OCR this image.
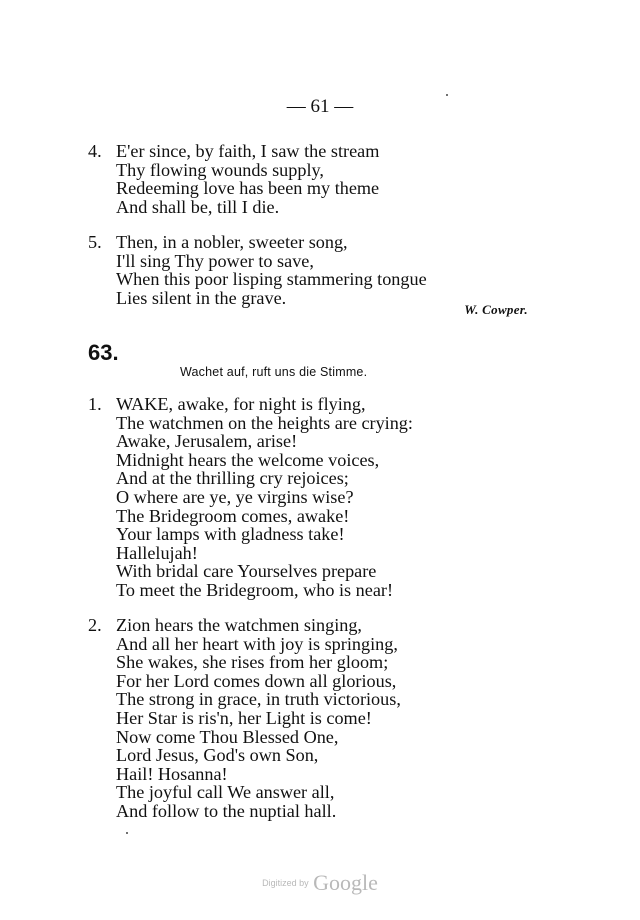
— 61 —
4. E'er since, by faith, I saw the stream
Thy flowing wounds supply,
Redeeming love has been my theme
And shall be, till I die.
5. Then, in a nobler, sweeter song,
I'll sing Thy power to save,
When this poor lisping stammering tongue
Lies silent in the grave.
W. Cowper.
63.
Wachet auf, ruft uns die Stimme.
1. WAKE, awake, for night is flying,
The watchmen on the heights are crying:
Awake, Jerusalem, arise!
Midnight hears the welcome voices,
And at the thrilling cry rejoices;
O where are ye, ye virgins wise?
The Bridegroom comes, awake!
Your lamps with gladness take!
Hallelujah!
With bridal care Yourselves prepare
To meet the Bridegroom, who is near!
2. Zion hears the watchmen singing,
And all her heart with joy is springing,
She wakes, she rises from her gloom;
For her Lord comes down all glorious,
The strong in grace, in truth victorious,
Her Star is ris'n, her Light is come!
Now come Thou Blessed One,
Lord Jesus, God's own Son,
Hail! Hosanna!
The joyful call We answer all,
And follow to the nuptial hall.
Digitized by Google
